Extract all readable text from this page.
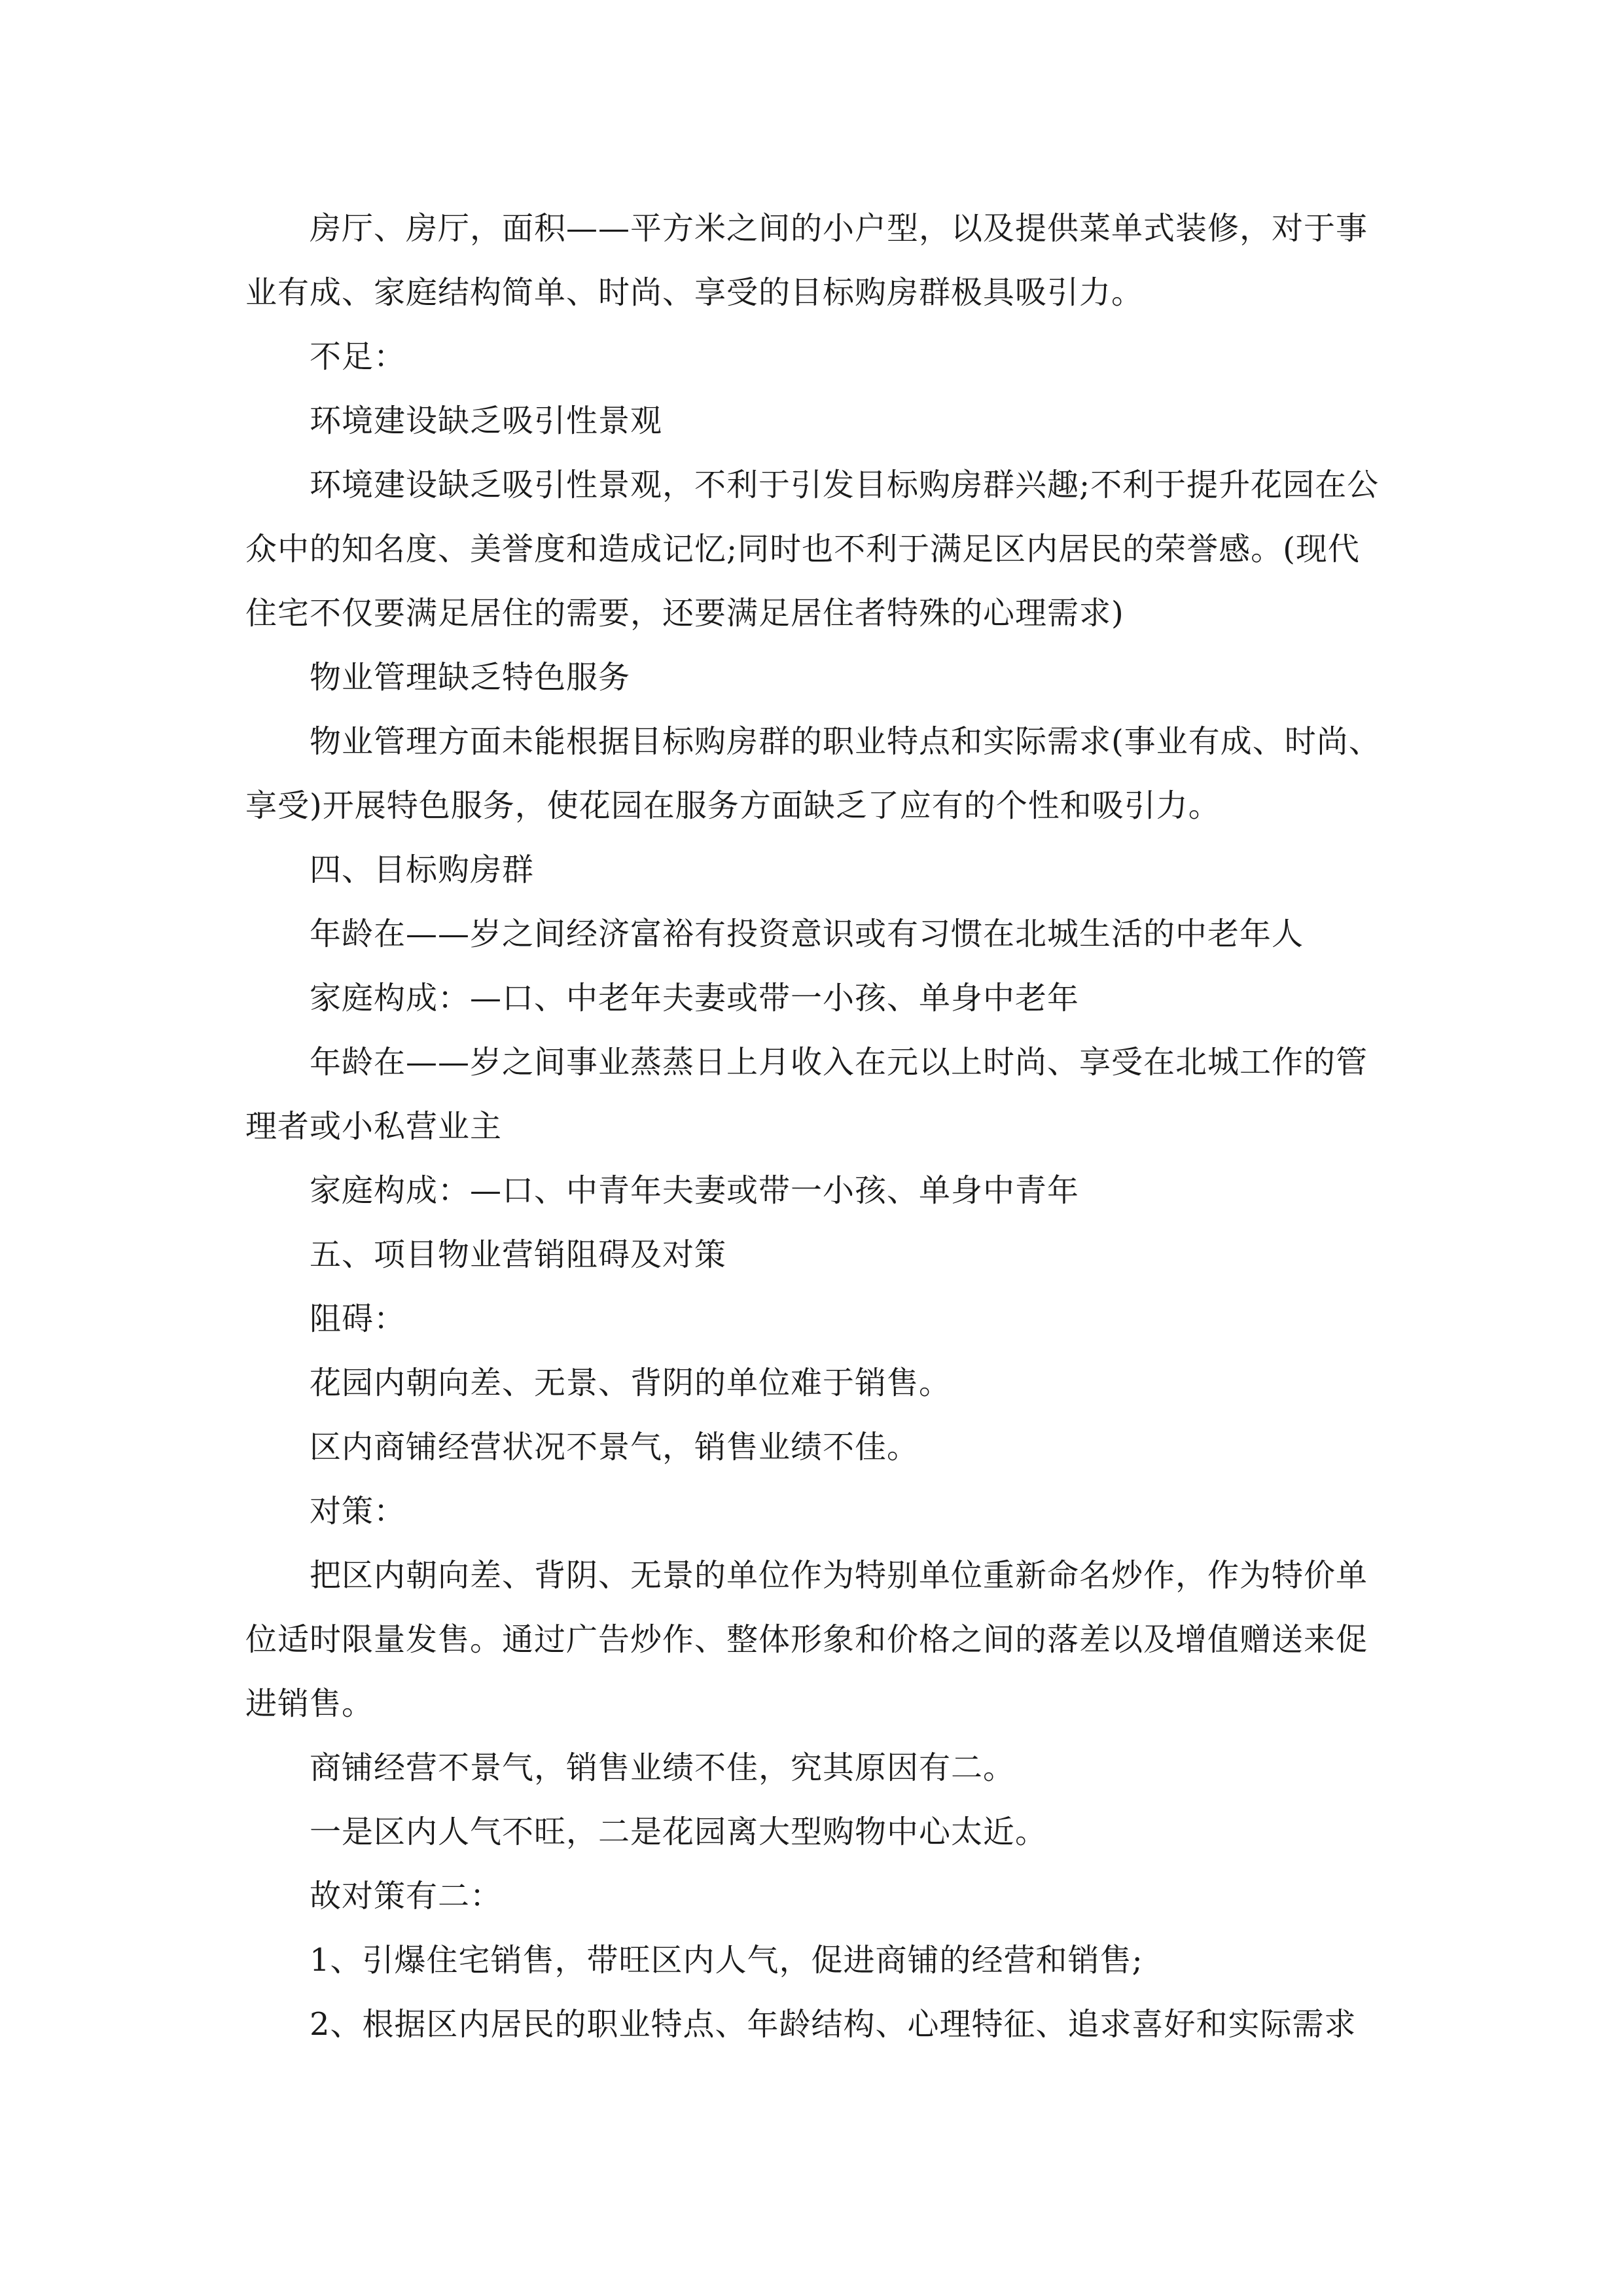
房厅、房厅，面积——平方米之间的小户型，以及提供菜单式装修，对于事业有成、家庭结构简单、时尚、享受的目标购房群极具吸引力。

不足：

环境建设缺乏吸引性景观

环境建设缺乏吸引性景观，不利于引发目标购房群兴趣;不利于提升花园在公众中的知名度、美誉度和造成记忆;同时也不利于满足区内居民的荣誉感。(现代住宅不仅要满足居住的需要，还要满足居住者特殊的心理需求)

物业管理缺乏特色服务

物业管理方面未能根据目标购房群的职业特点和实际需求(事业有成、时尚、享受)开展特色服务，使花园在服务方面缺乏了应有的个性和吸引力。

四、目标购房群

年龄在——岁之间经济富裕有投资意识或有习惯在北城生活的中老年人

家庭构成：—口、中老年夫妻或带一小孩、单身中老年

年龄在——岁之间事业蒸蒸日上月收入在元以上时尚、享受在北城工作的管理者或小私营业主

家庭构成：—口、中青年夫妻或带一小孩、单身中青年

五、项目物业营销阻碍及对策

阻碍：

花园内朝向差、无景、背阴的单位难于销售。

区内商铺经营状况不景气，销售业绩不佳。

对策：

把区内朝向差、背阴、无景的单位作为特别单位重新命名炒作，作为特价单位适时限量发售。通过广告炒作、整体形象和价格之间的落差以及增值赠送来促进销售。

商铺经营不景气，销售业绩不佳，究其原因有二。

一是区内人气不旺，二是花园离大型购物中心太近。

故对策有二：

1、引爆住宅销售，带旺区内人气，促进商铺的经营和销售;

2、根据区内居民的职业特点、年龄结构、心理特征、追求喜好和实际需求
